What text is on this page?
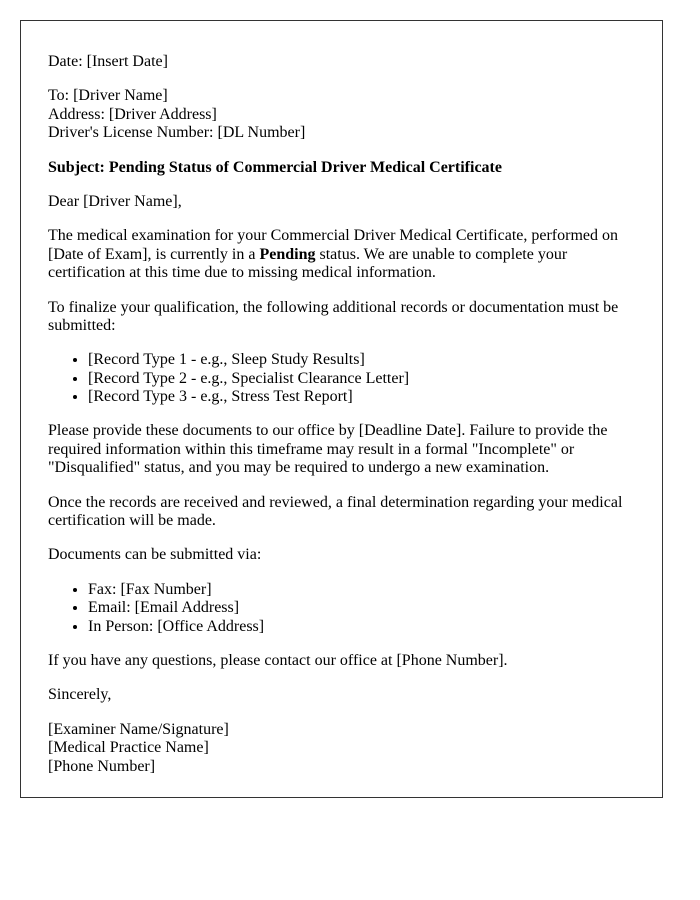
Date: [Insert Date]

To: [Driver Name]
Address: [Driver Address]
Driver's License Number: [DL Number]

Subject: Pending Status of Commercial Driver Medical Certificate

Dear [Driver Name],

The medical examination for your Commercial Driver Medical Certificate, performed on [Date of Exam], is currently in a Pending status. We are unable to complete your certification at this time due to missing medical information.

To finalize your qualification, the following additional records or documentation must be submitted:

• [Record Type 1 - e.g., Sleep Study Results]
• [Record Type 2 - e.g., Specialist Clearance Letter]
• [Record Type 3 - e.g., Stress Test Report]

Please provide these documents to our office by [Deadline Date]. Failure to provide the required information within this timeframe may result in a formal "Incomplete" or "Disqualified" status, and you may be required to undergo a new examination.

Once the records are received and reviewed, a final determination regarding your medical certification will be made.

Documents can be submitted via:

• Fax: [Fax Number]
• Email: [Email Address]
• In Person: [Office Address]

If you have any questions, please contact our office at [Phone Number].

Sincerely,

[Examiner Name/Signature]
[Medical Practice Name]
[Phone Number]
